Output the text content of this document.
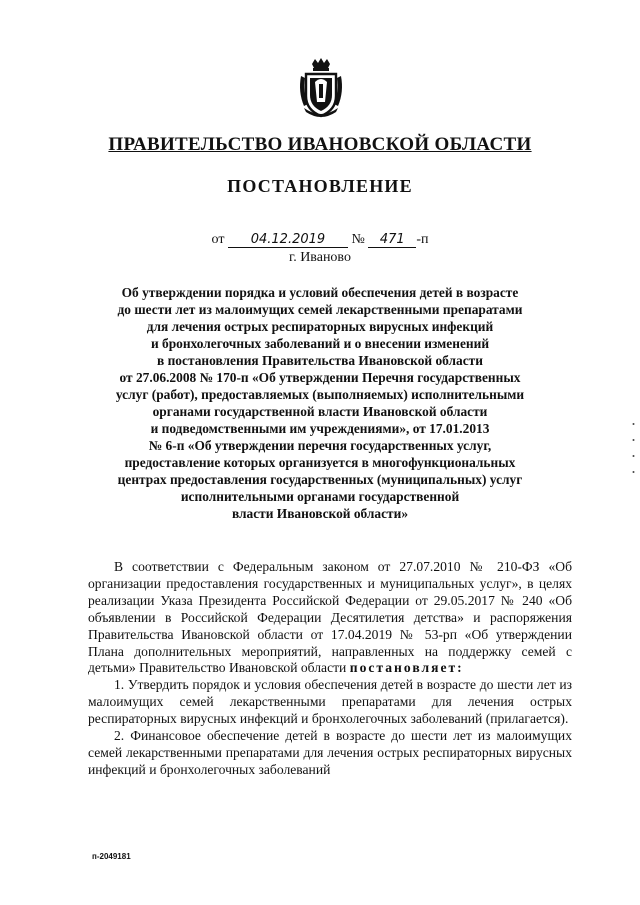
ПРАВИТЕЛЬСТВО ИВАНОВСКОЙ ОБЛАСТИ
ПОСТАНОВЛЕНИЕ
от 04.12.2019 № 471 -п
г. Иваново
Об утверждении порядка и условий обеспечения детей в возрасте
до шести лет из малоимущих семей лекарственными препаратами
для лечения острых респираторных вирусных инфекций
и бронхолегочных заболеваний и о внесении изменений
в постановления Правительства Ивановской области
от 27.06.2008 № 170-п «Об утверждении Перечня государственных
услуг (работ), предоставляемых (выполняемых) исполнительными
органами государственной власти Ивановской области
и подведомственными им учреждениями», от 17.01.2013
№ 6-п «Об утверждении перечня государственных услуг,
предоставление которых организуется в многофункциональных
центрах предоставления государственных (муниципальных) услуг
исполнительными органами государственной
власти Ивановской области»

В соответствии с Федеральным законом от 27.07.2010 № 210-ФЗ «Об организации предоставления государственных и муниципальных услуг», в целях реализации Указа Президента Российской Федерации от 29.05.2017 № 240 «Об объявлении в Российской Федерации Десятилетия детства» и распоряжения Правительства Ивановской области от 17.04.2019 № 53-рп «Об утверждении Плана дополнительных мероприятий, направленных на поддержку семей с детьми» Правительство Ивановской области постановляет:

1. Утвердить порядок и условия обеспечения детей в возрасте до шести лет из малоимущих семей лекарственными препаратами для лечения острых респираторных вирусных инфекций и бронхолегочных заболеваний (прилагается).

2. Финансовое обеспечение детей в возрасте до шести лет из малоимущих семей лекарственными препаратами для лечения острых респираторных вирусных инфекций и бронхолегочных заболеваний

п-2049181
